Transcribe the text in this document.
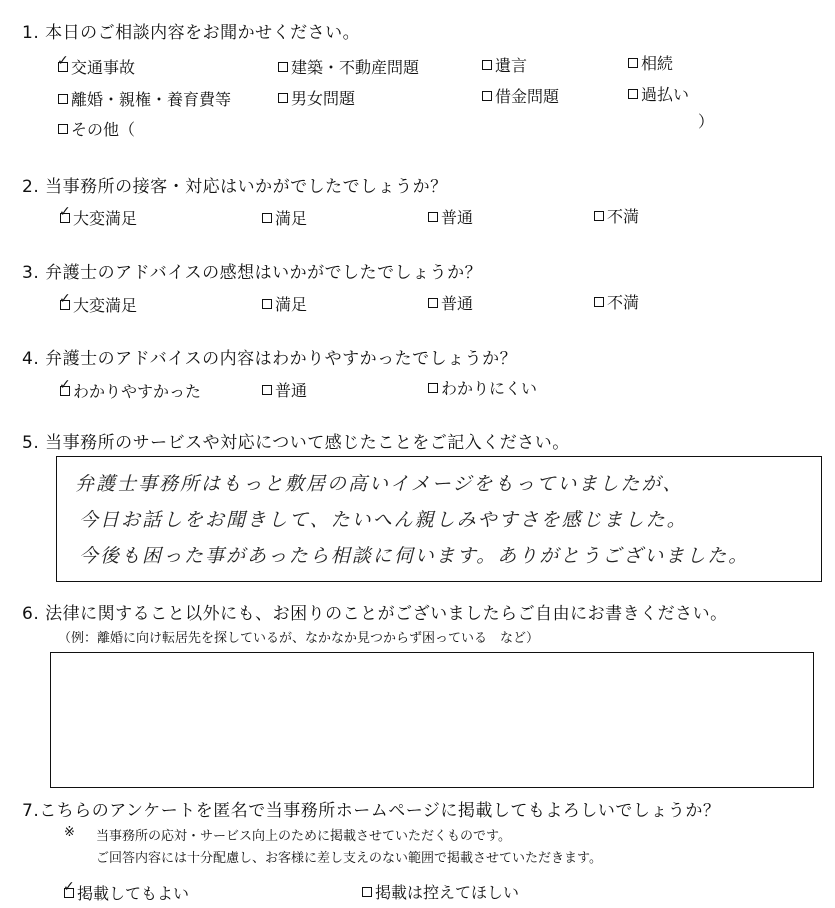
1. 本日のご相談内容をお聞かせください。
✓ 交通事故	建築・不動産問題	遺言	相続
離婚・親権・養育費等	男女問題	借金問題	過払い
その他（	）
2. 当事務所の接客・対応はいかがでしたでしょうか？
✓ 大変満足	満足	普通	不満
3. 弁護士のアドバイスの感想はいかがでしたでしょうか？
✓ 大変満足	満足	普通	不満
4. 弁護士のアドバイスの内容はわかりやすかったでしょうか？
✓ わかりやすかった	普通	わかりにくい
5. 当事務所のサービスや対応について感じたことをご記入ください。
弁護士事務所はもっと敷居の高いイメージをもっていましたが、
今日お話しをお聞きして、たいへん親しみやすさを感じました。
今後も困った事があったら相談に伺います。ありがとうございました。
6. 法律に関すること以外にも、お困りのことがございましたらご自由にお書きください。
（例：離婚に向け転居先を探しているが、なかなか見つからず困っている　など）
7.こちらのアンケートを匿名で当事務所ホームページに掲載してもよろしいでしょうか？
※ 当事務所の応対・サービス向上のために掲載させていただくものです。
ご回答内容には十分配慮し、お客様に差し支えのない範囲で掲載させていただきます。
✓ 掲載してもよい	掲載は控えてほしい
